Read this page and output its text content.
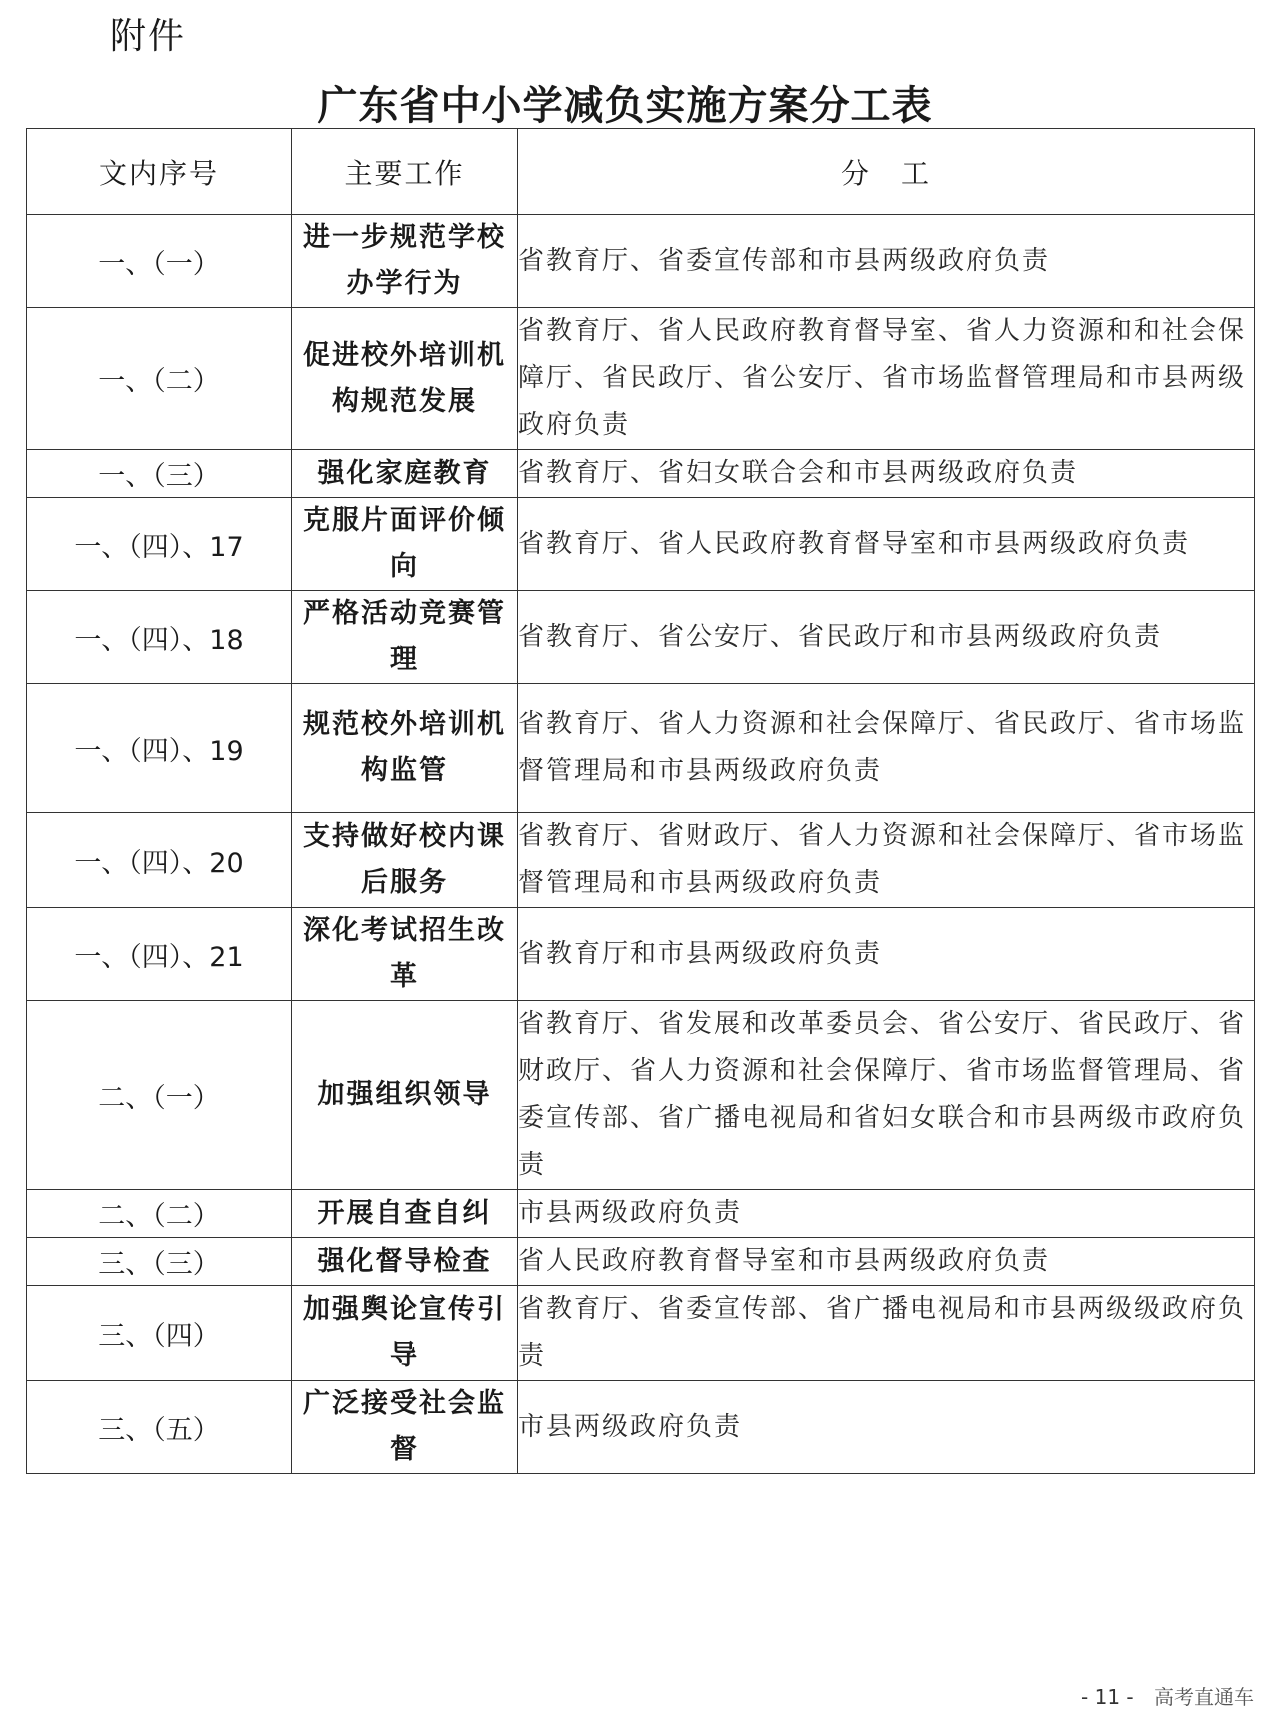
附件
广东省中小学减负实施方案分工表
文内序号	主要工作	分　工
一、（一）	进一步规范学校办学行为	省教育厅、省委宣传部和市县两级政府负责
一、（二）	促进校外培训机构规范发展	省教育厅、省人民政府教育督导室、省人力资源和和社会保障厅、省民政厅、省公安厅、省市场监督管理局和市县两级政府负责
一、（三）	强化家庭教育	省教育厅、省妇女联合会和市县两级政府负责
一、（四）、17	克服片面评价倾向	省教育厅、省人民政府教育督导室和市县两级政府负责
一、（四）、18	严格活动竞赛管理	省教育厅、省公安厅、省民政厅和市县两级政府负责
一、（四）、19	规范校外培训机构监管	省教育厅、省人力资源和社会保障厅、省民政厅、省市场监督管理局和市县两级政府负责
一、（四）、20	支持做好校内课后服务	省教育厅、省财政厅、省人力资源和社会保障厅、省市场监督管理局和市县两级政府负责
一、（四）、21	深化考试招生改革	省教育厅和市县两级政府负责
二、（一）	加强组织领导	省教育厅、省发展和改革委员会、省公安厅、省民政厅、省财政厅、省人力资源和社会保障厅、省市场监督管理局、省委宣传部、省广播电视局和省妇女联合和市县两级市政府负责
二、（二）	开展自查自纠	市县两级政府负责
三、（三）	强化督导检查	省人民政府教育督导室和市县两级政府负责
三、（四）	加强舆论宣传引导	省教育厅、省委宣传部、省广播电视局和市县两级级政府负责
三、（五）	广泛接受社会监督	市县两级政府负责
- 11 - 高考直通车
